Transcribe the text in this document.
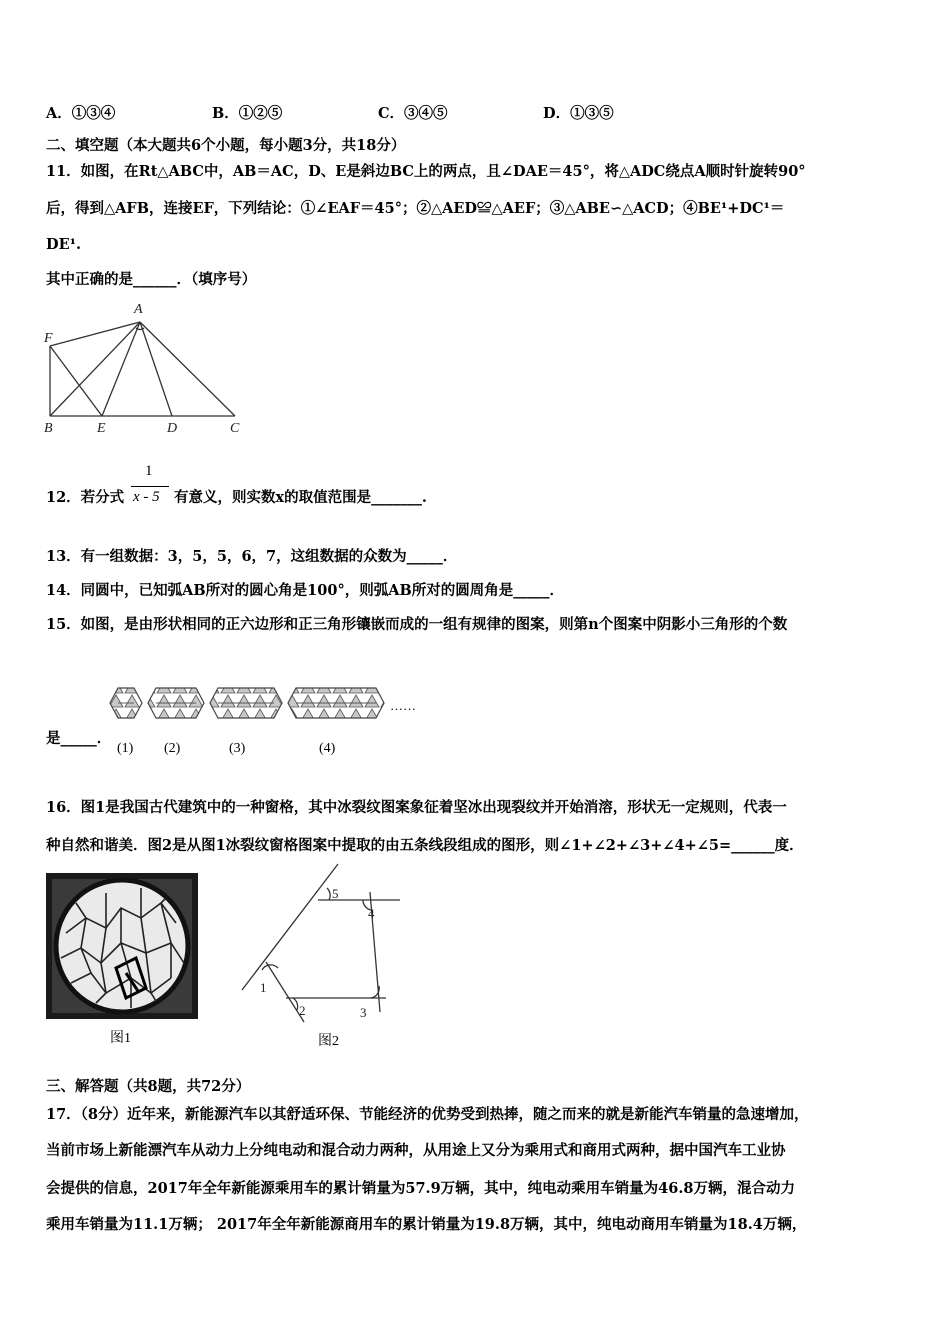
A．①③④	B．①②⑤	C．③④⑤	D．①③⑤
二、填空题（本大题共6个小题，每小题3分，共18分）
11．如图，在Rt△ABC中，AB＝AC，D、E是斜边BC上的两点，且∠DAE＝45°，将△ADC绕点A顺时针旋转90°
后，得到△AFB，连接EF，下列结论：①∠EAF＝45°；②△AED≌△AEF；③△ABE∽△ACD；④BE¹+DC¹＝
DE¹.
其中正确的是______．（填序号）
A
F
B	E	D	C
12．若分式
1
x - 5 有意义，则实数x的取值范围是_______.
13．有一组数据：3，5，5，6，7，这组数据的众数为_____．
14．同圆中，已知弧AB所对的圆心角是100°，则弧AB所对的圆周角是_____．
15．如图，是由形状相同的正六边形和正三角形镶嵌而成的一组有规律的图案，则第n个图案中阴影小三角形的个数
是_____．
……
(1) (2)	(3)	(4)
16．图1是我国古代建筑中的一种窗格，其中冰裂纹图案象征着坚冰出现裂纹并开始消溶，形状无一定规则，代表一
种自然和谐美．图2是从图1冰裂纹窗格图案中提取的由五条线段组成的图形，则∠1+∠2+∠3+∠4+∠5=______度．
图1
1
2	3
4
5
图2
三、解答题（共8题，共72分）
17．（8分）近年来，新能源汽车以其舒适环保、节能经济的优势受到热捧，随之而来的就是新能汽车销量的急速增加，
当前市场上新能漂汽车从动力上分纯电动和混合动力两种，从用途上又分为乘用式和商用式两种，据中国汽车工业协
会提供的信息，2017年全年新能源乘用车的累计销量为57.9万辆，其中，纯电动乘用车销量为46.8万辆，混合动力
乘用车销量为11.1万辆； 2017年全年新能源商用车的累计销量为19.8万辆，其中，纯电动商用车销量为18.4万辆，
